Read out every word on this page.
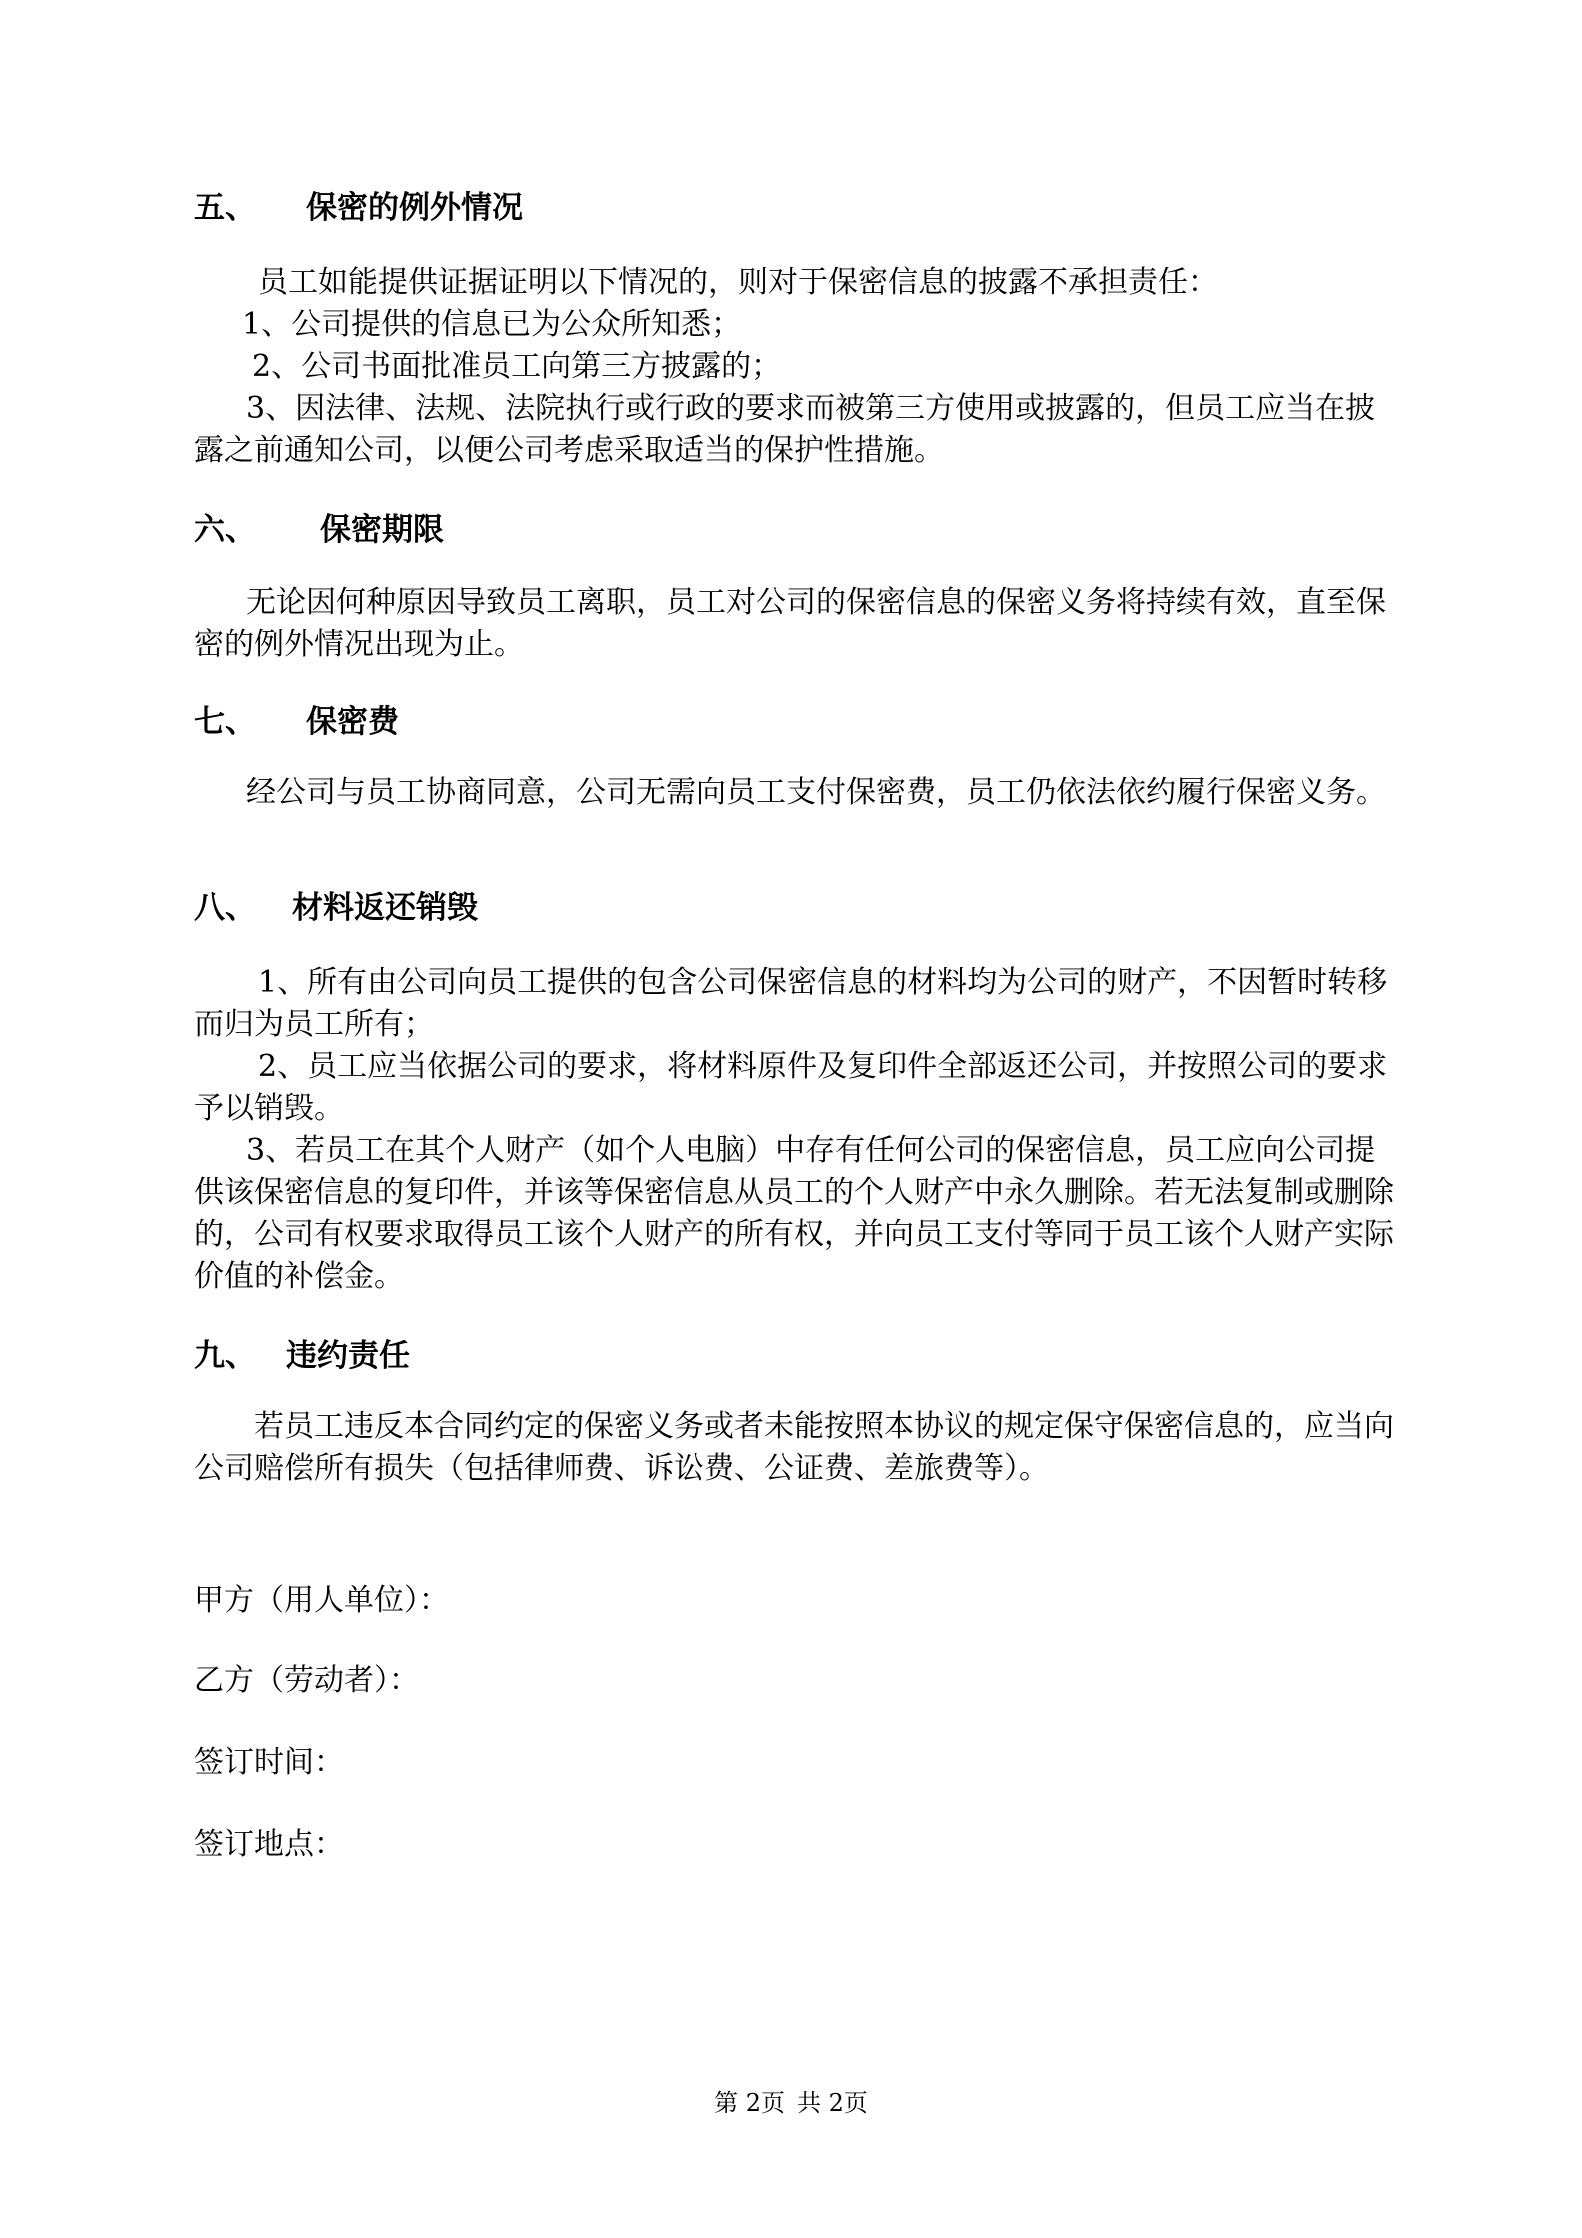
五、 保密的例外情况

员工如能提供证据证明以下情况的，则对于保密信息的披露不承担责任：

1、公司提供的信息已为公众所知悉；

2、公司书面批准员工向第三方披露的；

3、因法律、法规、法院执行或行政的要求而被第三方使用或披露的，但员工应当在披露之前通知公司，以便公司考虑采取适当的保护性措施。

六、 保密期限

无论因何种原因导致员工离职，员工对公司的保密信息的保密义务将持续有效，直至保密的例外情况出现为止。

七、 保密费

经公司与员工协商同意，公司无需向员工支付保密费，员工仍依法依约履行保密义务。

八、 材料返还销毁

1、所有由公司向员工提供的包含公司保密信息的材料均为公司的财产，不因暂时转移而归为员工所有；

2、员工应当依据公司的要求，将材料原件及复印件全部返还公司，并按照公司的要求予以销毁。

3、若员工在其个人财产（如个人电脑）中存有任何公司的保密信息，员工应向公司提供该保密信息的复印件，并该等保密信息从员工的个人财产中永久删除。若无法复制或删除的，公司有权要求取得员工该个人财产的所有权，并向员工支付等同于员工该个人财产实际价值的补偿金。

九、 违约责任

若员工违反本合同约定的保密义务或者未能按照本协议的规定保守保密信息的，应当向公司赔偿所有损失（包括律师费、诉讼费、公证费、差旅费等）。

甲方（用人单位）：
乙方（劳动者）：
签订时间：
签订地点：
第 2页 共 2页
